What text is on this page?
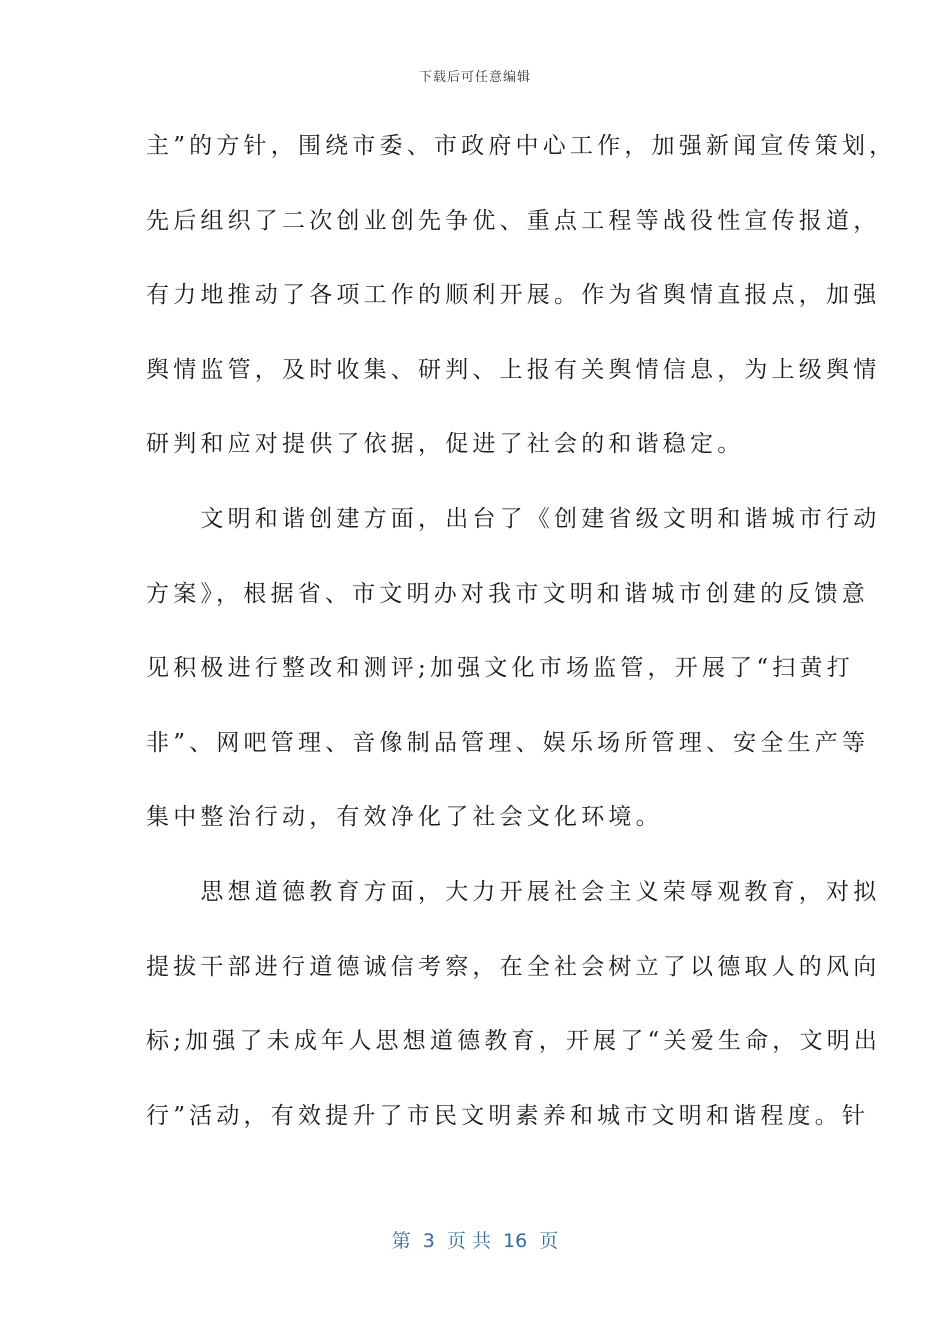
下载后可任意编辑
主”的方针，围绕市委、市政府中心工作，加强新闻宣传策划，
先后组织了二次创业创先争优、重点工程等战役性宣传报道，
有力地推动了各项工作的顺利开展。作为省舆情直报点，加强
舆情监管，及时收集、研判、上报有关舆情信息，为上级舆情
研判和应对提供了依据，促进了社会的和谐稳定。
　　文明和谐创建方面，出台了《创建省级文明和谐城市行动
方案》，根据省、市文明办对我市文明和谐城市创建的反馈意
见积极进行整改和测评;加强文化市场监管，开展了“扫黄打
非”、网吧管理、音像制品管理、娱乐场所管理、安全生产等
集中整治行动，有效净化了社会文化环境。
　　思想道德教育方面，大力开展社会主义荣辱观教育，对拟
提拔干部进行道德诚信考察，在全社会树立了以德取人的风向
标;加强了未成年人思想道德教育，开展了“关爱生命，文明出
行”活动，有效提升了市民文明素养和城市文明和谐程度。针
第  3  页 共  16  页
